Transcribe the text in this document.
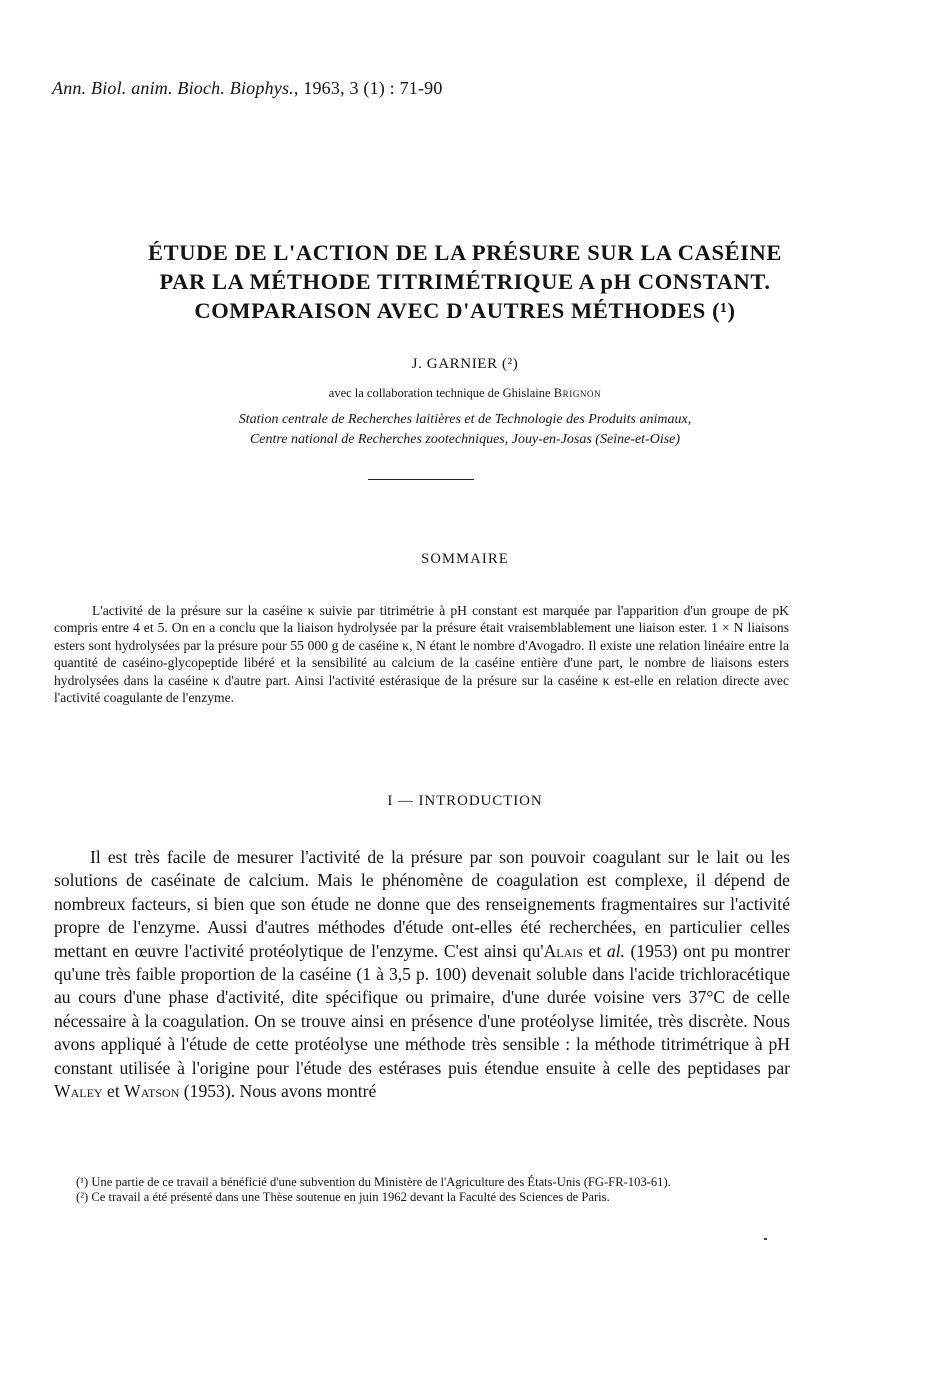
Ann. Biol. anim. Bioch. Biophys., 1963, 3 (1) : 71-90
ÉTUDE DE L'ACTION DE LA PRÉSURE SUR LA CASÉINE
PAR LA MÉTHODE TITRIMÉTRIQUE A pH CONSTANT.
COMPARAISON AVEC D'AUTRES MÉTHODES (¹)
J. GARNIER (²)
avec la collaboration technique de Ghislaine Brignon
Station centrale de Recherches laitières et de Technologie des Produits animaux,
Centre national de Recherches zootechniques, Jouy-en-Josas (Seine-et-Oise)
SOMMAIRE

L'activité de la présure sur la caséine κ suivie par titrimétrie à pH constant est marquée par l'apparition d'un groupe de pK compris entre 4 et 5. On en a conclu que la liaison hydrolysée par la présure était vraisemblablement une liaison ester. 1 × N liaisons esters sont hydrolysées par la présure pour 55 000 g de caséine κ, N étant le nombre d'Avogadro. Il existe une relation linéaire entre la quantité de caséino-glycopeptide libéré et la sensibilité au calcium de la caséine entière d'une part, le nombre de liaisons esters hydrolysées dans la caséine κ d'autre part. Ainsi l'activité estérasique de la présure sur la caséine κ est-elle en relation directe avec l'activité coagulante de l'enzyme.

I — INTRODUCTION

Il est très facile de mesurer l'activité de la présure par son pouvoir coagulant sur le lait ou les solutions de caséinate de calcium. Mais le phénomène de coagulation est complexe, il dépend de nombreux facteurs, si bien que son étude ne donne que des renseignements fragmentaires sur l'activité propre de l'enzyme. Aussi d'autres méthodes d'étude ont-elles été recherchées, en particulier celles mettant en œuvre l'activité protéolytique de l'enzyme. C'est ainsi qu'Alais et al. (1953) ont pu montrer qu'une très faible proportion de la caséine (1 à 3,5 p. 100) devenait soluble dans l'acide trichloracétique au cours d'une phase d'activité, dite spécifique ou primaire, d'une durée voisine vers 37°C de celle nécessaire à la coagulation. On se trouve ainsi en présence d'une protéolyse limitée, très discrète. Nous avons appliqué à l'étude de cette protéolyse une méthode très sensible : la méthode titrimétrique à pH constant utilisée à l'origine pour l'étude des estérases puis étendue ensuite à celle des peptidases par Waley et Watson (1953). Nous avons montré

(¹) Une partie de ce travail a bénéficié d'une subvention du Ministère de l'Agriculture des États-Unis (FG-FR-103-61).

(²) Ce travail a été présenté dans une Thèse soutenue en juin 1962 devant la Faculté des Sciences de Paris.
